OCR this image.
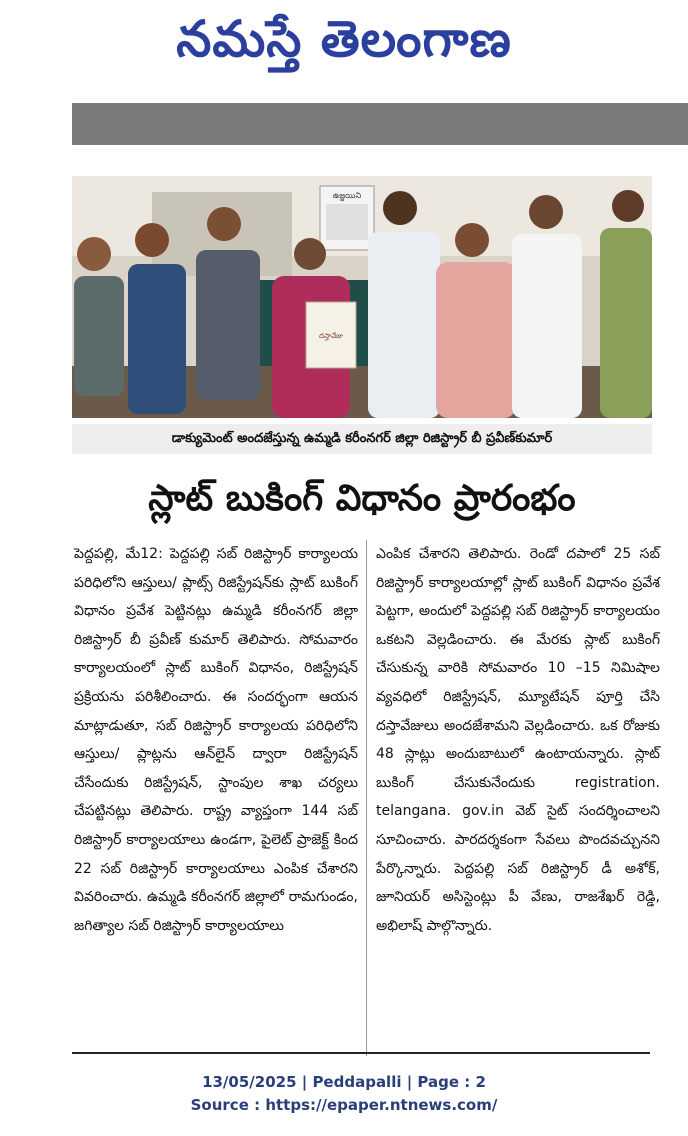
నమస్తే తెలంగాణ
ఉజ్జయిని
దస్తావేజు
డాక్యుమెంట్ అందజేస్తున్న ఉమ్మడి కరీంనగర్ జిల్లా రిజిస్ట్రార్ బీ ప్రవీణ్‌కుమార్
స్లాట్ బుకింగ్ విధానం ప్రారంభం
పెద్దపల్లి, మే12: పెద్దపల్లి సబ్ రిజిస్ట్రార్ కార్యాలయ పరిధిలోని ఆస్తులు/ ప్లాట్స్ రిజిస్ట్రేషన్‌కు స్లాట్ బుకింగ్ విధానం ప్రవేశ పెట్టినట్లు ఉమ్మడి కరీంనగర్ జిల్లా రిజిస్ట్రార్ బీ ప్రవీణ్ కుమార్ తెలిపారు. సోమవారం కార్యాలయంలో స్లాట్ బుకింగ్ విధానం, రిజిస్ట్రేషన్ ప్రక్రియను పరిశీలించారు. ఈ సందర్భంగా ఆయన మాట్లాడుతూ, సబ్ రిజిస్ట్రార్ కార్యాలయ పరిధిలోని ఆస్తులు/ ప్లాట్లను ఆన్‌లైన్ ద్వారా రిజిస్ట్రేషన్ చేసేందుకు రిజిస్ట్రేషన్, స్టాంపుల శాఖ చర్యలు చేపట్టినట్లు తెలిపారు. రాష్ట్ర వ్యాప్తంగా 144 సబ్ రిజిస్ట్రార్ కార్యాలయాలు ఉండగా, పైలెట్ ప్రాజెక్ట్ కింద 22 సబ్ రిజిస్ట్రార్ కార్యాలయాలు ఎంపిక చేశారని వివరించారు. ఉమ్మడి కరీంనగర్ జిల్లాలో రామగుండం, జగిత్యాల సబ్ రిజిస్ట్రార్ కార్యాలయాలు
ఎంపిక చేశారని తెలిపారు. రెండో దపాలో 25 సబ్ రిజిస్ట్రార్ కార్యాలయాల్లో స్లాట్ బుకింగ్ విధానం ప్రవేశ పెట్టగా, అందులో పెద్దపల్లి సబ్ రిజిస్ట్రార్ కార్యాలయం ఒకటని వెల్లడించారు. ఈ మేరకు స్లాట్ బుకింగ్ చేసుకున్న వారికి సోమవారం 10 –15 నిమిషాల వ్యవధిలో రిజిస్ట్రేషన్, మ్యూటేషన్ పూర్తి చేసి దస్తావేజులు అందజేశామని వెల్లడించారు. ఒక రోజుకు 48 స్లాట్లు అందుబాటులో ఉంటాయన్నారు. స్లాట్ బుకింగ్ చేసుకునేందుకు registration. telangana. gov.in వెబ్ సైట్ సందర్శించాలని సూచించారు. పారదర్శకంగా సేవలు పొందవచ్చునని పేర్కొన్నారు. పెద్దపల్లి సబ్ రిజిస్ట్రార్ డీ అశోక్, జూనియర్ అసిస్టెంట్లు పీ వేణు, రాజశేఖర్ రెడ్డి, అభిలాష్ పాల్గొన్నారు.
13/05/2025 | Peddapalli | Page : 2
Source : https://epaper.ntnews.com/
